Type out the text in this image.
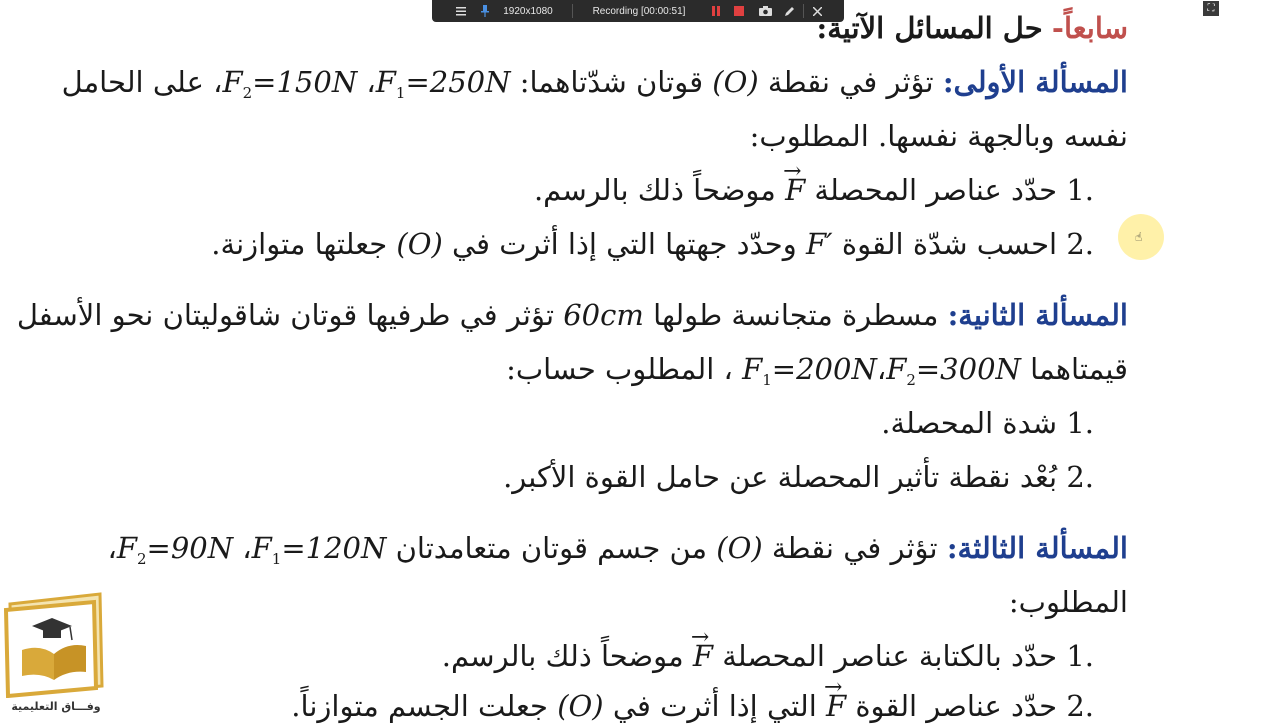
1920x1080	Recording [00:00:51]	⛶
سابعاً- حل المسائل الآتية:
المسألة الأولى: تؤثر في نقطة (O) قوتان شدّتاهما: $F_1=250N،$ $F_2=150N،$ على الحامل
نفسه وبالجهة نفسها. المطلوب:
1. حدّد عناصر المحصلة → F موضحاً ذلك بالرسم.
2. احسب شدّة القوة F′ وحدّد جهتها التي إذا أثرت في (O) جعلتها متوازنة.	☝
المسألة الثانية: مسطرة متجانسة طولها 60cm تؤثر في طرفيها قوتان شاقوليتان نحو الأسفل
قيمتاهما $F_2=300N،F_1=200N$ ، المطلوب حساب:
1. شدة المحصلة.
2. بُعْد نقطة تأثير المحصلة عن حامل القوة الأكبر.
المسألة الثالثة: تؤثر في نقطة (O) من جسم قوتان متعامدتان $F_1=120N،$ $F_2=90N،$
المطلوب:
1. حدّد بالكتابة عناصر المحصلة → F موضحاً ذلك بالرسم.
2. حدّد عناصر القوة → F التي إذا أثرت في (O) جعلت الجسم متوازناً.
وفـــاق التعليمية
